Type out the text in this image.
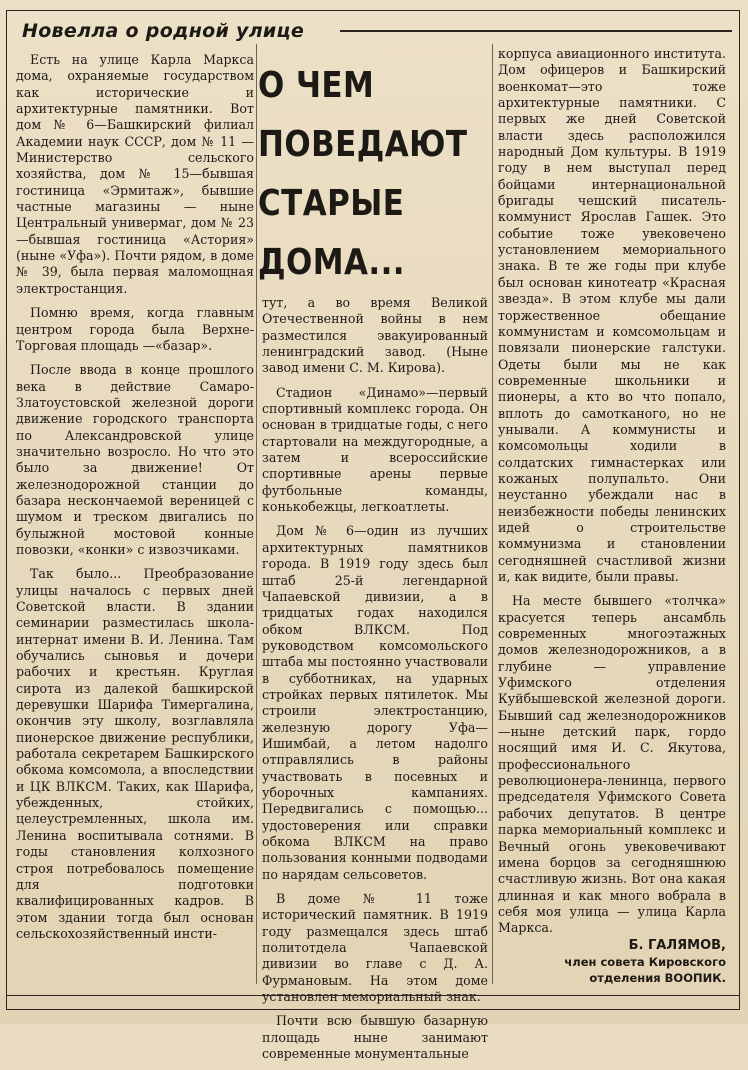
Новелла о родной улице

Есть на улице Карла Маркса дома, охраняемые государством как исторические и архитектурные памятники. Вот дом № 6—Башкирский филиал Академии наук СССР, дом № 11 — Министерство сельского хозяйства, дом № 15—бывшая гостиница «Эрмитаж», бывшие частные магазины — ныне Центральный универмаг, дом № 23—бывшая гостиница «Астория» (ныне «Уфа»). Почти рядом, в доме № 39, была первая маломощная электростанция.

Помню время, когда главным центром города была Верхне-Торговая площадь —«базар».

После ввода в конце прошлого века в действие Самаро-Златоустовской железной дороги движение городского транспорта по Александровской улице значительно возросло. Но что это было за движение! От железнодорожной станции до базара нескончаемой вереницей с шумом и треском двигались по булыжной мостовой конные повозки, «конки» с извозчиками.

Так было... Преобразование улицы началось с первых дней Советской власти. В здании семинарии разместилась школа-интернат имени В. И. Ленина. Там обучались сыновья и дочери рабочих и крестьян. Круглая сирота из далекой башкирской деревушки Шарифа Тимергалина, окончив эту школу, возглавляла пионерское движение республики, работала секретарем Башкирского обкома комсомола, а впоследствии и ЦК ВЛКСМ. Таких, как Шарифа, убежденных, стойких, целеустремленных, школа им. Ленина воспитывала сотнями. В годы становления колхозного строя потребовалось помещение для подготовки квалифицированных кадров. В этом здании тогда был основан сельскохозяйственный инсти-

О ЧЕМ
ПОВЕДАЮТ
СТАРЫЕ
ДОМА...

тут, а во время Великой Отечественной войны в нем разместился эвакуированный ленинградский завод. (Ныне завод имени С. М. Кирова).

Стадион «Динамо»—первый спортивный комплекс города. Он основан в тридцатые годы, с него стартовали на междугородные, а затем и всероссийские спортивные арены первые футбольные команды, конькобежцы, легкоатлеты.

Дом № 6—один из лучших архитектурных памятников города. В 1919 году здесь был штаб 25-й легендарной Чапаевской дивизии, а в тридцатых годах находился обком ВЛКСМ. Под руководством комсомольского штаба мы постоянно участвовали в субботниках, на ударных стройках первых пятилеток. Мы строили электростанцию, железную дорогу Уфа—Ишимбай, а летом надолго отправлялись в районы участвовать в посевных и уборочных кампаниях. Передвигались с помощью... удостоверения или справки обкома ВЛКСМ на право пользования конными подводами по нарядам сельсоветов.

В доме № 11 тоже исторический памятник. В 1919 году размещался здесь штаб политотдела Чапаевской дивизии во главе с Д. А. Фурмановым. На этом доме установлен мемориальный знак.

Почти всю бывшую базарную площадь ныне занимают современные монументальные

корпуса авиационного института. Дом офицеров и Башкирский военкомат—это тоже архитектурные памятники. С первых же дней Советской власти здесь расположился народный Дом культуры. В 1919 году в нем выступал перед бойцами интернациональной бригады чешский писатель-коммунист Ярослав Гашек. Это событие тоже увековечено установлением мемориального знака. В те же годы при клубе был основан кинотеатр «Красная звезда». В этом клубе мы дали торжественное обещание коммунистам и комсомольцам и повязали пионерские галстуки. Одеты были мы не как современные школьники и пионеры, а кто во что попало, вплоть до самотканого, но не унывали. А коммунисты и комсомольцы ходили в солдатских гимнастерках или кожаных полупальто. Они неустанно убеждали нас в неизбежности победы ленинских идей о строительстве коммунизма и становлении сегодняшней счастливой жизни и, как видите, были правы.

На месте бывшего «толчка» красуется теперь ансамбль современных многоэтажных домов железнодорожников, а в глубине — управление Уфимского отделения Куйбышевской железной дороги. Бывший сад железнодорожников —ныне детский парк, гордо носящий имя И. С. Якутова, профессионального революционера-ленинца, первого председателя Уфимского Совета рабочих депутатов. В центре парка мемориальный комплекс и Вечный огонь увековечивают имена борцов за сегодняшнюю счастливую жизнь. Вот она какая длинная и как много вобрала в себя моя улица — улица Карла Маркса.

Б. ГАЛЯМОВ,
член совета Кировского
отделения ВООПИК.
